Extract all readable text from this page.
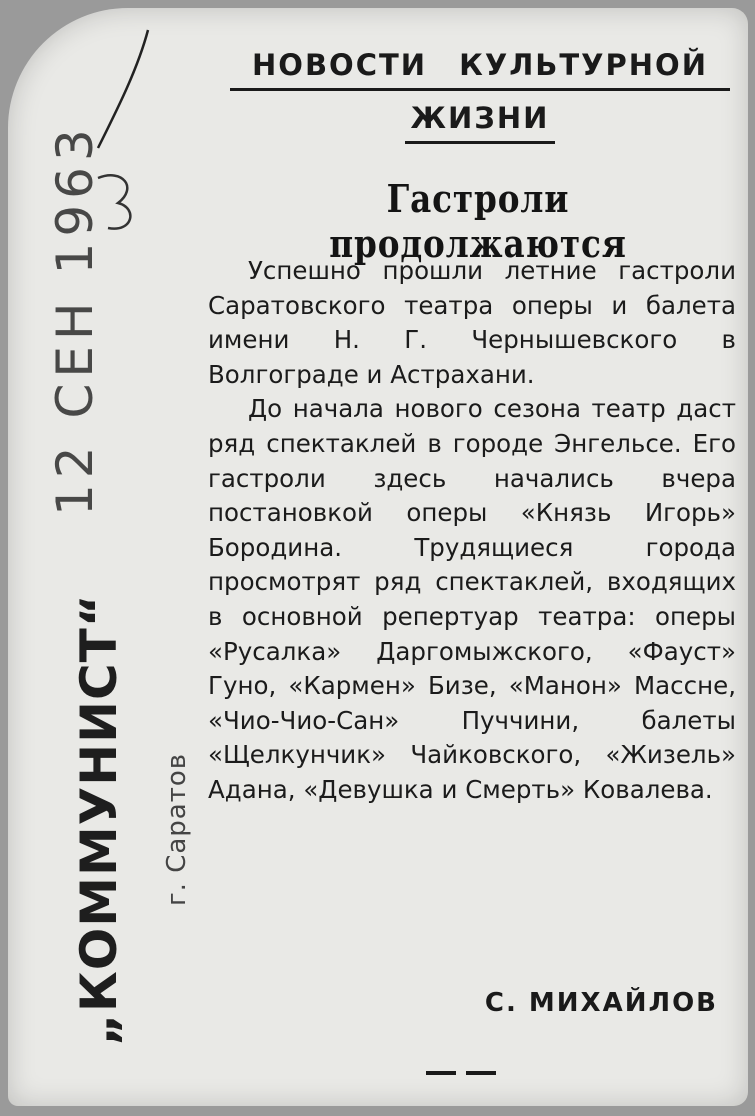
12 СЕН 1963
„КОММУНИСТ“ г. Саратов
НОВОСТИ КУЛЬТУРНОЙ
ЖИЗНИ
Гастроли продолжаются

Успешно прошли летние гастроли Саратовского театра оперы и балета имени Н. Г. Чернышевского в Волгограде и Астрахани.

До начала нового сезона театр даст ряд спектаклей в городе Энгельсе. Его гастроли здесь начались вчера постановкой оперы «Князь Игорь» Бородина. Трудящиеся города просмотрят ряд спектаклей, входящих в основной репертуар театра: оперы «Русалка» Даргомыжского, «Фауст» Гуно, «Кармен» Бизе, «Манон» Массне, «Чио-Чио-Сан» Пуччини, балеты «Щелкунчик» Чайковского, «Жизель» Адана, «Девушка и Смерть» Ковалева.

С. МИХАЙЛОВ
